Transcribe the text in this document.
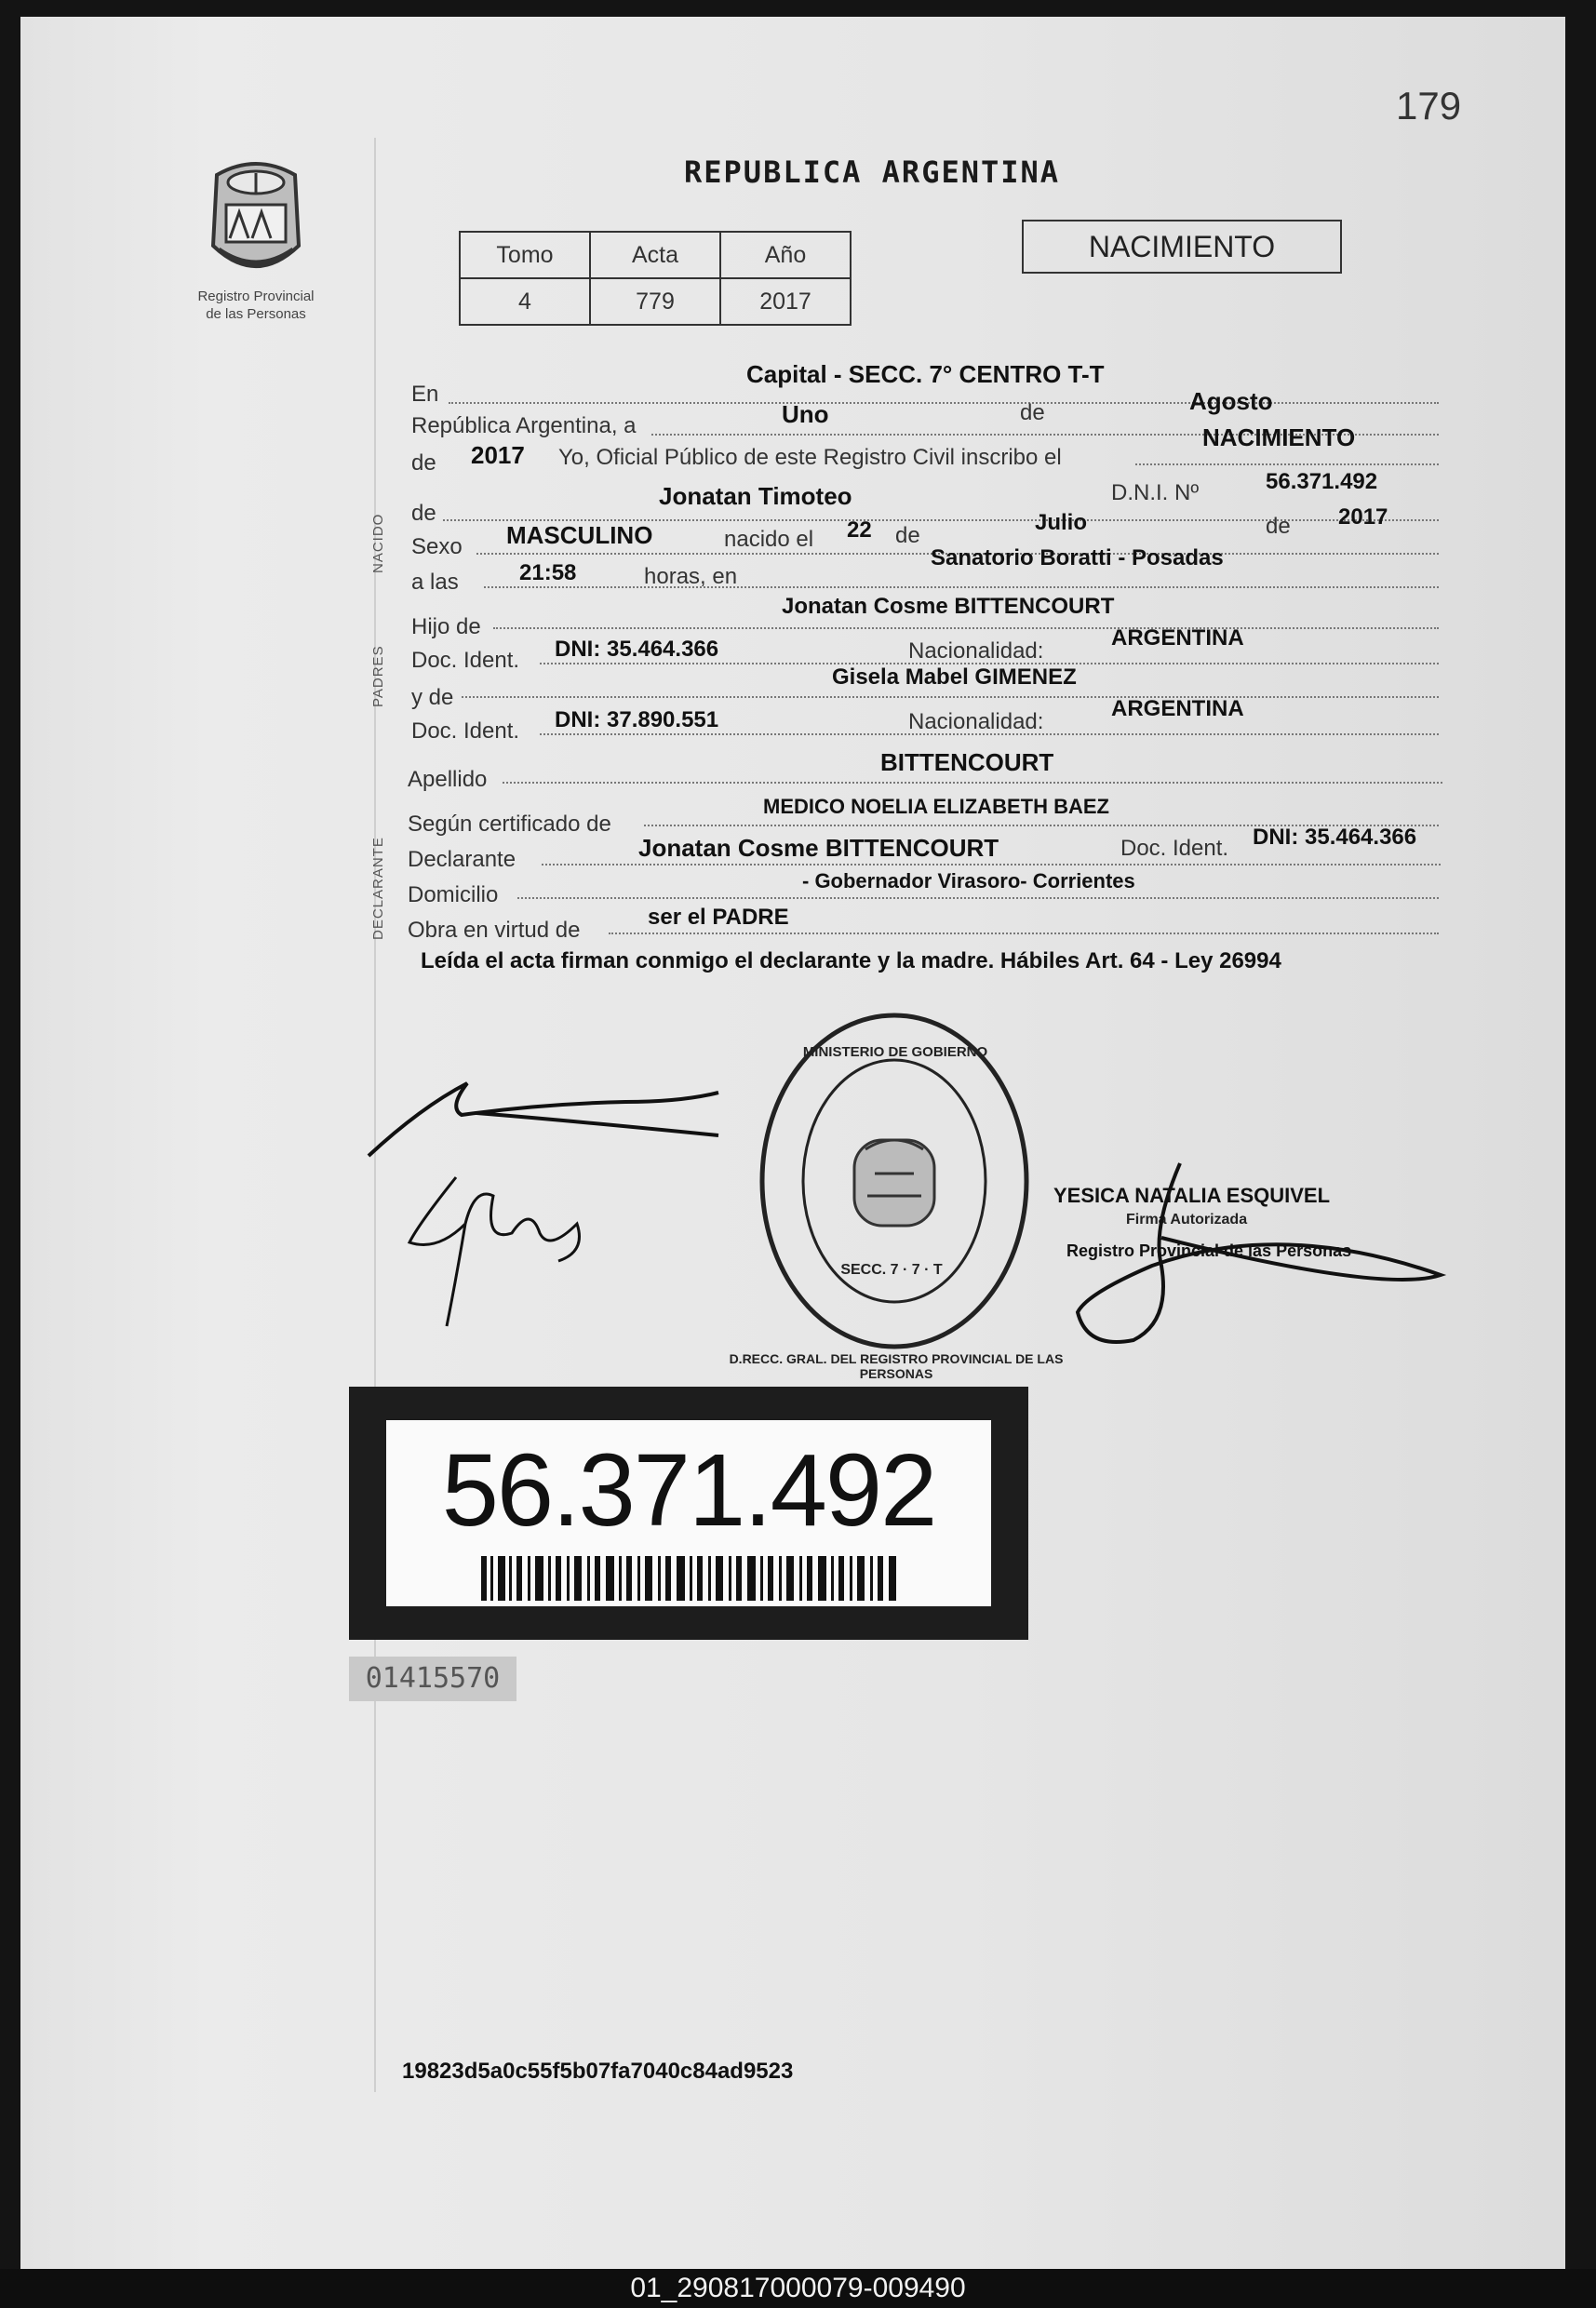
179
Registro Provincial
de las Personas
REPUBLICA ARGENTINA
Tomo	Acta	Año
4	779	2017
NACIMIENTO
En
Capital - SECC. 7° CENTRO T-T
República Argentina, a	Uno	de	Agosto
de 2017 Yo, Oficial Público de este Registro Civil inscribo el
NACIMIENTO
de
Jonatan Timoteo	D.N.I. Nº	56.371.492
Sexo MASCULINO	nacido el 22 de
Julio	de 2017
a las	21:58	horas, en
Sanatorio Boratti - Posadas
Hijo de
Jonatan Cosme BITTENCOURT
Doc. Ident. DNI: 35.464.366	Nacionalidad:
ARGENTINA
y de
Gisela Mabel GIMENEZ
Doc. Ident. DNI: 37.890.551	Nacionalidad:
ARGENTINA
Apellido
BITTENCOURT
Según certificado de
MEDICO NOELIA ELIZABETH BAEZ
Declarante	Jonatan Cosme BITTENCOURT	Doc. Ident. DNI: 35.464.366
Domicilio
- Gobernador Virasoro- Corrientes
Obra en virtud de
ser el PADRE
NACIDO
PADRES
DECLARANTE
Leída el acta firman conmigo el declarante y la madre. Hábiles Art. 64 - Ley 26994
MINISTERIO DE GOBIERNO
D.RECC. GRAL. DEL REGISTRO PROVINCIAL DE LAS PERSONAS
SECC. 7 · 7 · T
YESICA NATALIA ESQUIVEL
Firma Autorizada
Registro Provincial de las Personas
56.371.492
01415570
19823d5a0c55f5b07fa7040c84ad9523
01_290817000079-009490
